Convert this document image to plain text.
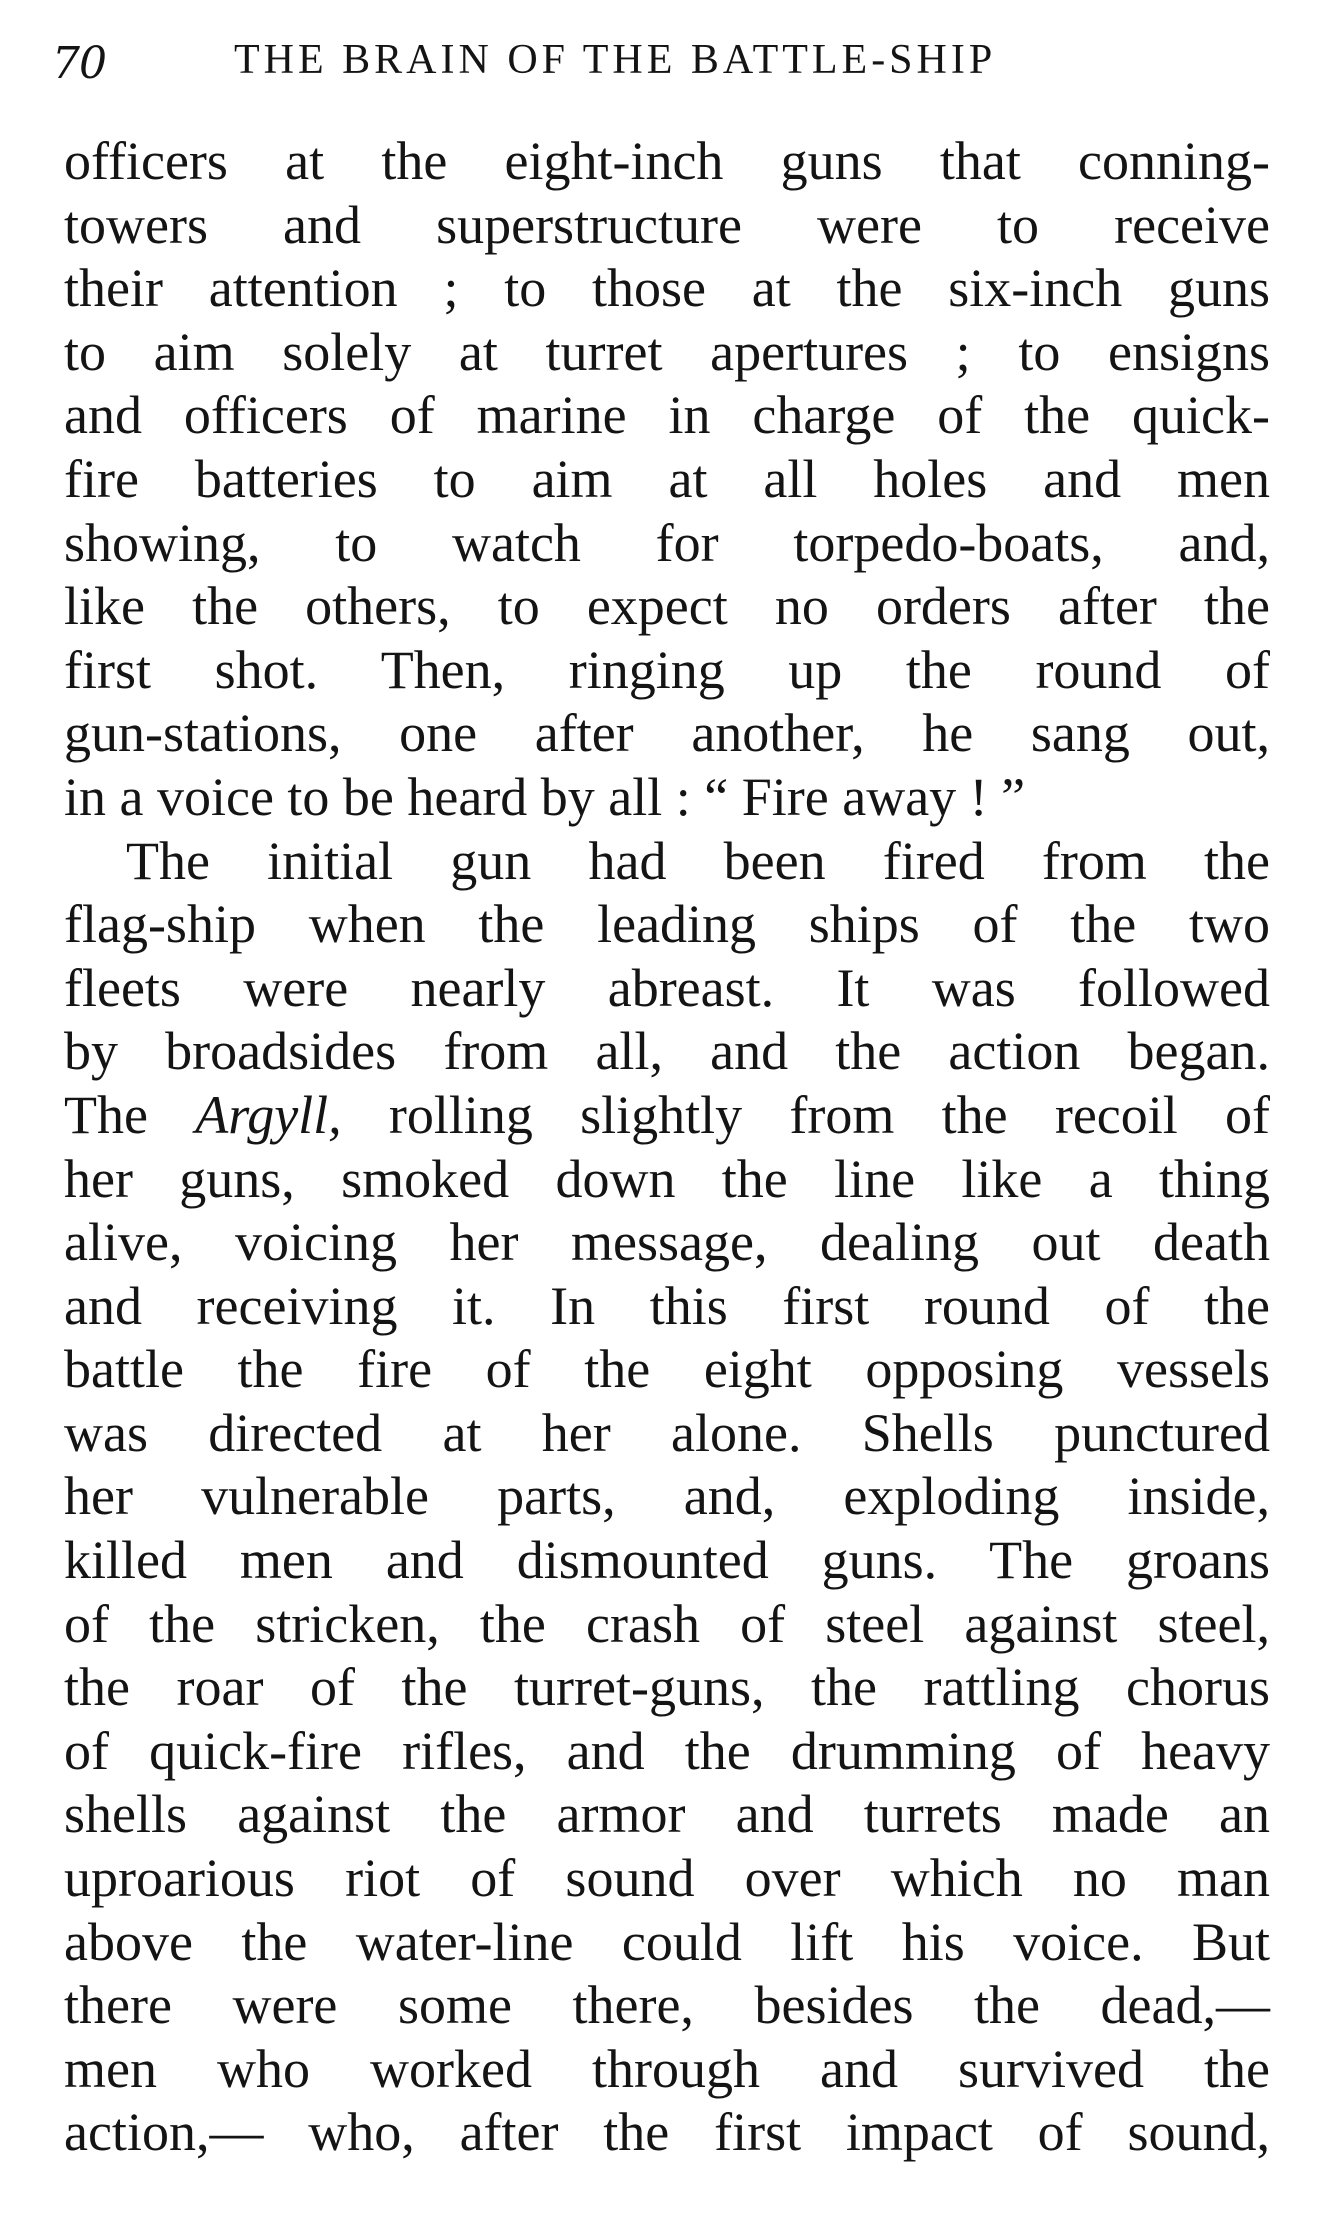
70	THE BRAIN OF THE BATTLE-SHIP
officers at the eight-inch guns that conning-
towers and superstructure were to receive
their attention ; to those at the six-inch guns
to aim solely at turret apertures ; to ensigns
and officers of marine in charge of the quick-
fire batteries to aim at all holes and men
showing, to watch for torpedo-boats, and,
like the others, to expect no orders after the
first shot. Then, ringing up the round of
gun-stations, one after another, he sang out,
in a voice to be heard by all : “ Fire away ! ”
The initial gun had been fired from the
flag-ship when the leading ships of the two
fleets were nearly abreast. It was followed
by broadsides from all, and the action began.
The Argyll, rolling slightly from the recoil of
her guns, smoked down the line like a thing
alive, voicing her message, dealing out death
and receiving it. In this first round of the
battle the fire of the eight opposing vessels
was directed at her alone. Shells punctured
her vulnerable parts, and, exploding inside,
killed men and dismounted guns. The groans
of the stricken, the crash of steel against steel,
the roar of the turret-guns, the rattling chorus
of quick-fire rifles, and the drumming of heavy
shells against the armor and turrets made an
uproarious riot of sound over which no man
above the water-line could lift his voice. But
there were some there, besides the dead,—
men who worked through and survived the
action,— who, after the first impact of sound,
